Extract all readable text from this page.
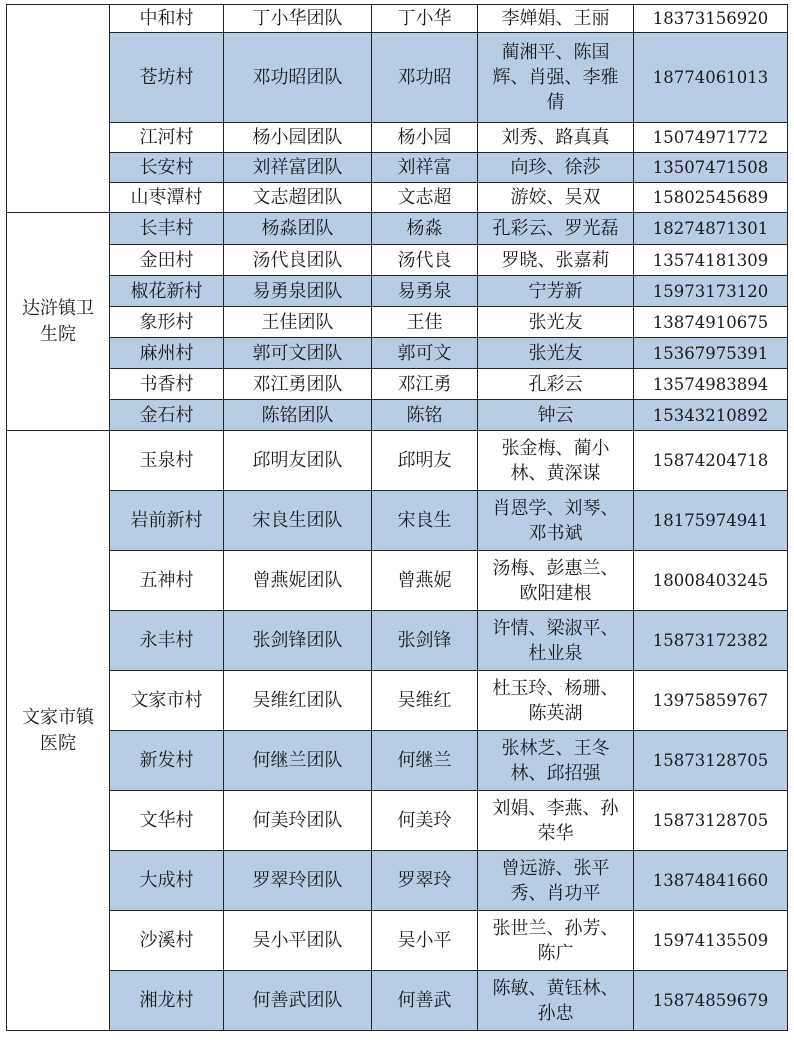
	中和村	丁小华团队	丁小华	李婵娟、王丽	18373156920
	苍坊村	邓功昭团队	邓功昭	蔺湘平、陈国
辉、肖强、李雅
倩	18774061013
	江河村	杨小园团队	杨小园	刘秀、路真真	15074971772
	长安村	刘祥富团队	刘祥富	向珍、徐莎	13507471508
	山枣潭村	文志超团队	文志超	游姣、吴双	15802545689
达浒镇卫生院	长丰村	杨淼团队	杨淼	孔彩云、罗光磊	18274871301
	金田村	汤代良团队	汤代良	罗晓、张嘉莉	13574181309
	椒花新村	易勇泉团队	易勇泉	宁芳新	15973173120
	象形村	王佳团队	王佳	张光友	13874910675
	麻州村	郭可文团队	郭可文	张光友	15367975391
	书香村	邓江勇团队	邓江勇	孔彩云	13574983894
	金石村	陈铭团队	陈铭	钟云	15343210892
文家市镇医院	玉泉村	邱明友团队	邱明友	张金梅、蔺小
林、黄深谋	15874204718
	岩前新村	宋良生团队	宋良生	肖恩学、刘琴、
邓书斌	18175974941
	五神村	曾燕妮团队	曾燕妮	汤梅、彭惠兰、
欧阳建根	18008403245
	永丰村	张剑锋团队	张剑锋	许情、梁淑平、
杜业泉	15873172382
	文家市村	吴维红团队	吴维红	杜玉玲、杨珊、
陈英湖	13975859767
	新发村	何继兰团队	何继兰	张林芝、王冬
林、邱招强	15873128705
	文华村	何美玲团队	何美玲	刘娟、李燕、孙
荣华	15873128705
	大成村	罗翠玲团队	罗翠玲	曾远游、张平
秀、肖功平	13874841660
	沙溪村	吴小平团队	吴小平	张世兰、孙芳、
陈广	15974135509
	湘龙村	何善武团队	何善武	陈敏、黄钰林、
孙忠	15874859679
